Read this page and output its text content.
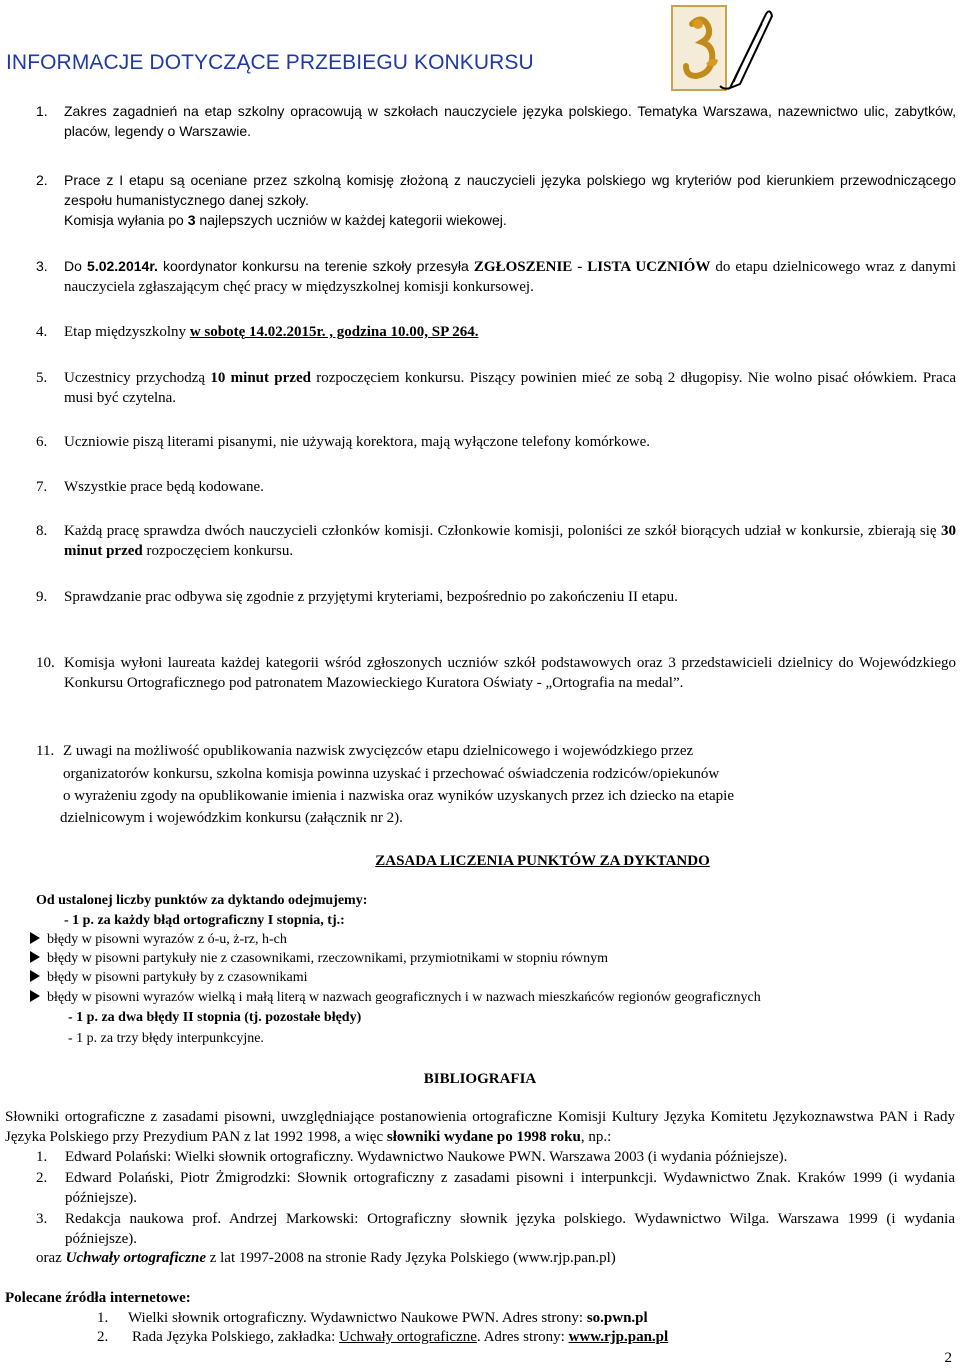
INFORMACJE DOTYCZĄCE PRZEBIEGU KONKURSU
1. Zakres zagadnień na etap szkolny opracowują w szkołach nauczyciele języka polskiego. Tematyka Warszawa, nazewnictwo ulic, zabytków, placów, legendy o Warszawie.
2. Prace z I etapu są oceniane przez szkolną komisję złożoną z nauczycieli języka polskiego wg kryteriów pod kierunkiem przewodniczącego zespołu humanistycznego danej szkoły.
Komisja wyłania po 3 najlepszych uczniów w każdej kategorii wiekowej.
3. Do 5.02.2014r. koordynator konkursu na terenie szkoły przesyła ZGŁOSZENIE - LISTA UCZNIÓW do etapu dzielnicowego wraz z danymi nauczyciela zgłaszającym chęć pracy w międzyszkolnej komisji konkursowej.
4. Etap międzyszkolny w sobotę 14.02.2015r. , godzina 10.00, SP 264.
5. Uczestnicy przychodzą 10 minut przed rozpoczęciem konkursu. Piszący powinien mieć ze sobą 2 długopisy. Nie wolno pisać ołówkiem. Praca musi być czytelna.
6. Uczniowie piszą literami pisanymi, nie używają korektora, mają wyłączone telefony komórkowe.
7. Wszystkie prace będą kodowane.
8. Każdą pracę sprawdza dwóch nauczycieli członków komisji. Członkowie komisji, poloniści ze szkół biorących udział w konkursie, zbierają się 30 minut przed rozpoczęciem konkursu.
9. Sprawdzanie prac odbywa się zgodnie z przyjętymi kryteriami, bezpośrednio po zakończeniu II etapu.
10. Komisja wyłoni laureata każdej kategorii wśród zgłoszonych uczniów szkół podstawowych oraz 3 przedstawicieli dzielnicy do Wojewódzkiego Konkursu Ortograficznego pod patronatem Mazowieckiego Kuratora Oświaty - „Ortografia na medal”.
11. Z uwagi na możliwość opublikowania nazwisk zwycięzców etapu dzielnicowego i wojewódzkiego przez
organizatorów konkursu, szkolna komisja powinna uzyskać i przechować oświadczenia rodziców/opiekunów
o wyrażeniu zgody na opublikowanie imienia i nazwiska oraz wyników uzyskanych przez ich dziecko na etapie
dzielnicowym i wojewódzkim konkursu (załącznik nr 2).
ZASADA LICZENIA PUNKTÓW ZA DYKTANDO
Od ustalonej liczby punktów za dyktando odejmujemy:
- 1 p. za każdy błąd ortograficzny I stopnia, tj.:
błędy w pisowni wyrazów z ó-u, ż-rz, h-ch
błędy w pisowni partykuły nie z czasownikami, rzeczownikami, przymiotnikami w stopniu równym
błędy w pisowni partykuły by z czasownikami
błędy w pisowni wyrazów wielką i małą literą w nazwach geograficznych i w nazwach mieszkańców regionów geograficznych
- 1 p. za dwa błędy II stopnia (tj. pozostałe błędy)
- 1 p. za trzy błędy interpunkcyjne.
BIBLIOGRAFIA
Słowniki ortograficzne z zasadami pisowni, uwzględniające postanowienia ortograficzne Komisji Kultury Języka Komitetu Językoznawstwa PAN i Rady Języka Polskiego przy Prezydium PAN z lat 1992 1998, a więc słowniki wydane po 1998 roku, np.:
1. Edward Polański: Wielki słownik ortograficzny. Wydawnictwo Naukowe PWN. Warszawa 2003 (i wydania późniejsze).
2. Edward Polański, Piotr Żmigrodzki: Słownik ortograficzny z zasadami pisowni i interpunkcji. Wydawnictwo Znak. Kraków 1999 (i wydania późniejsze).
3. Redakcja naukowa prof. Andrzej Markowski: Ortograficzny słownik języka polskiego. Wydawnictwo Wilga. Warszawa 1999 (i wydania późniejsze).
oraz Uchwały ortograficzne z lat 1997-2008 na stronie Rady Języka Polskiego (www.rjp.pan.pl)
Polecane źródła internetowe:
1. Wielki słownik ortograficzny. Wydawnictwo Naukowe PWN. Adres strony: so.pwn.pl
2. Rada Języka Polskiego, zakładka: Uchwały ortograficzne. Adres strony: www.rjp.pan.pl
2
